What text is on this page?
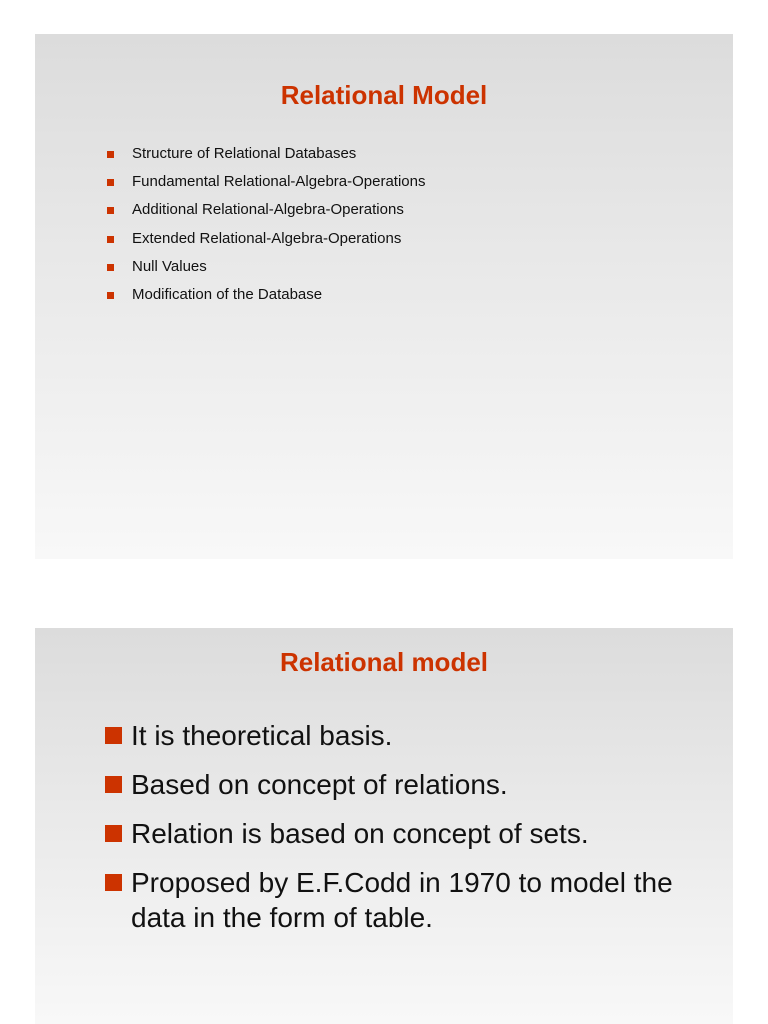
Relational Model
Structure of Relational Databases
Fundamental Relational-Algebra-Operations
Additional Relational-Algebra-Operations
Extended Relational-Algebra-Operations
Null Values
Modification of the Database
Relational model
It is theoretical basis.
Based on concept of relations.
Relation is based on concept of sets.
Proposed by E.F.Codd in 1970 to model the data in the form of table.
